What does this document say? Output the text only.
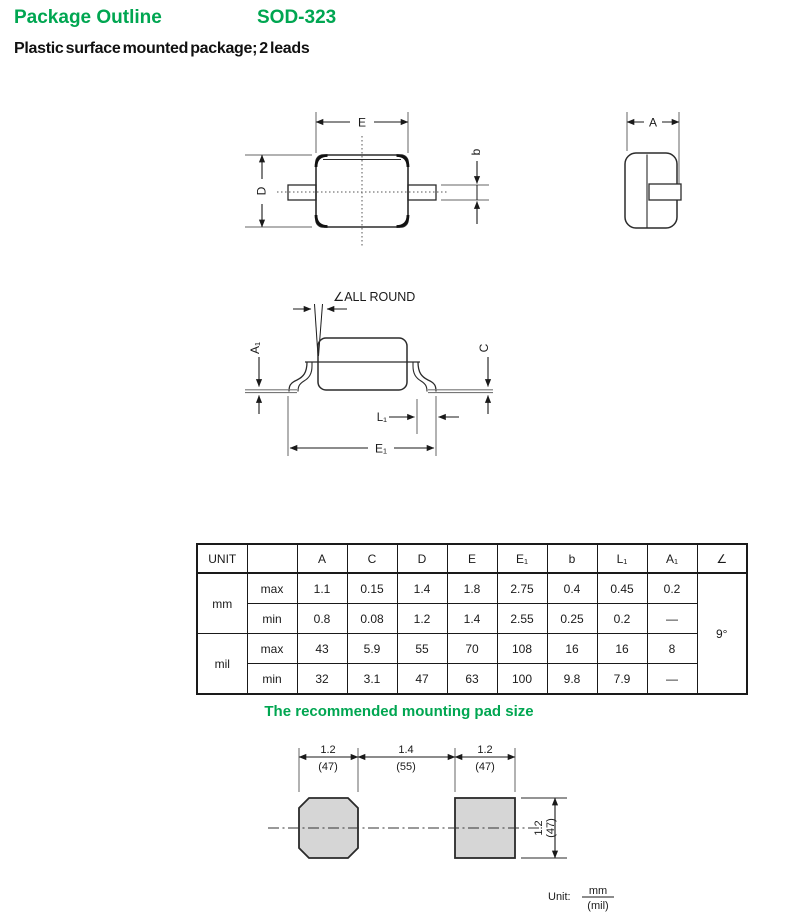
Package Outline	SOD-323
Plastic surface mounted package; 2 leads
E
D
b
A
∠ALL ROUND
A₁	C
L₁
E₁
UNIT		A	C	D	E	E₁	b	L₁	A₁	∠
mm	max	1.1	0.15	1.4	1.8	2.75	0.4	0.45	0.2	9°
	min	0.8	0.08	1.2	1.4	2.55	0.25	0.2	—	
mil	max	43	5.9	55	70	108	16	16	8	
	min	32	3.1	47	63	100	9.8	7.9	—	
The recommended mounting pad size
1.2
(47)
1.4
(55)
1.2
(47)
1.2 (47)
Unit: mm
(mil)
